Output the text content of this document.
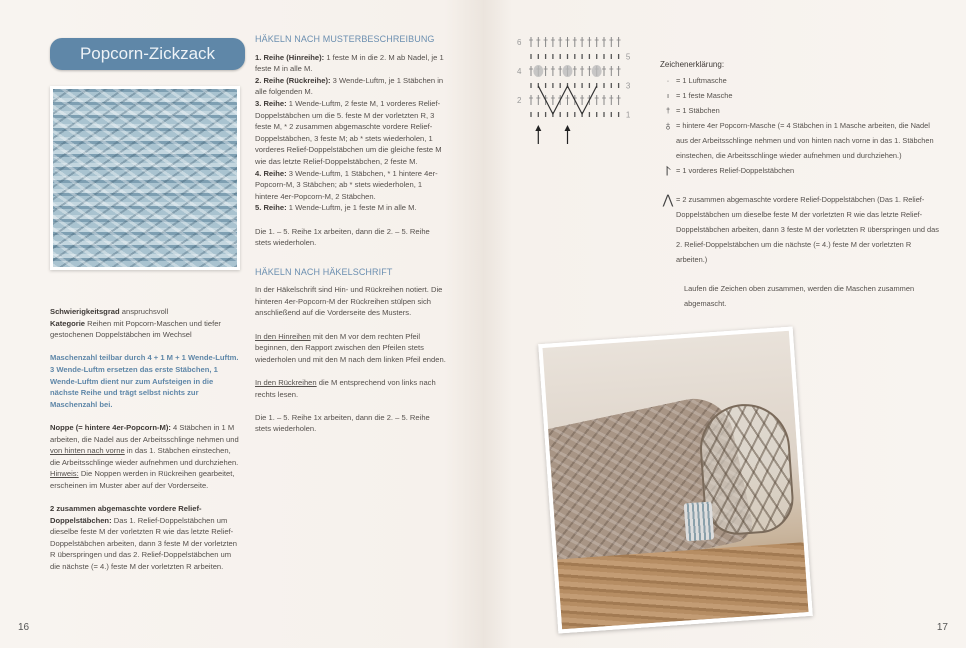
Popcorn-Zickzack
Schwierigkeitsgrad anspruchsvoll

Kategorie Reihen mit Popcorn-Maschen und tiefer gestochenen Doppelstäbchen im Wechsel

Maschenzahl teilbar durch 4 + 1 M + 1 Wende-Luftm. 3 Wende-Luftm ersetzen das erste Stäbchen, 1 Wende-Luftm dient nur zum Aufsteigen in die nächste Reihe und trägt selbst nichts zur Maschenzahl bei.

Noppe (= hintere 4er-Popcorn-M): 4 Stäbchen in 1 M arbeiten, die Nadel aus der Arbeitsschlinge nehmen und von hinten nach vorne in das 1. Stäbchen einstechen, die Arbeitsschlinge wieder aufnehmen und durchziehen.

Hinweis: Die Noppen werden in Rückreihen gearbeitet, erscheinen im Muster aber auf der Vorderseite.

2 zusammen abgemaschte vordere Relief-Doppelstäbchen: Das 1. Relief-Doppelstäbchen um dieselbe feste M der vorletzten R wie das letzte Relief-Doppelstäbchen arbeiten, dann 3 feste M der vorletzten R überspringen und das 2. Relief-Doppelstäbchen um die nächste (= 4.) feste M der vorletzten R arbeiten.

HÄKELN NACH MUSTERBESCHREIBUNG
1. Reihe (Hinreihe): 1 feste M in die 2. M ab Nadel, je 1 feste M in alle M.
2. Reihe (Rückreihe): 3 Wende-Luftm, je 1 Stäbchen in alle folgenden M.
3. Reihe: 1 Wende-Luftm, 2 feste M, 1 vorderes Relief-Doppelstäbchen um die 5. feste M der vorletzten R, 3 feste M, * 2 zusammen abgemaschte vordere Relief-Doppelstäbchen, 3 feste M; ab * stets wiederholen, 1 vorderes Relief-Doppelstäbchen um die gleiche feste M wie das letzte Relief-Doppelstäbchen, 2 feste M.
4. Reihe: 3 Wende-Luftm, 1 Stäbchen, * 1 hintere 4er-Popcorn-M, 3 Stäbchen; ab * stets wiederholen, 1 hintere 4er-Popcorn-M, 2 Stäbchen.
5. Reihe: 1 Wende-Luftm, je 1 feste M in alle M.

Die 1. – 5. Reihe 1x arbeiten, dann die 2. – 5. Reihe stets wiederholen.

HÄKELN NACH HÄKELSCHRIFT

In der Häkelschrift sind Hin- und Rückreihen notiert. Die hinteren 4er-Popcorn-M der Rückreihen stülpen sich anschließend auf die Vorderseite des Musters.

In den Hinreihen mit den M vor dem rechten Pfeil beginnen, den Rapport zwischen den Pfeilen stets wiederholen und mit den M nach dem linken Pfeil enden.

In den Rückreihen die M entsprechend von links nach rechts lesen.

Die 1. – 5. Reihe 1x arbeiten, dann die 2. – 5. Reihe stets wiederholen.

16
6
5
4
3
2
1
17
Zeichenerklärung:
· = 1 Luftmasche
ı = 1 feste Masche
† = 1 Stäbchen
♁ = hintere 4er Popcorn-Masche (= 4 Stäbchen in 1 Masche arbeiten, die Nadel aus der Arbeitsschlinge nehmen und von hinten nach vorne in das 1. Stäbchen einstechen, die Arbeitsschlinge wieder aufnehmen und durchziehen.)
⨡ = 1 vorderes Relief-Doppelstäbchen
⋀ = 2 zusammen abgemaschte vordere Relief-Doppelstäbchen (Das 1. Relief-Doppelstäbchen um dieselbe feste M der vorletzten R wie das letzte Relief-Doppelstäbchen arbeiten, dann 3 feste M der vorletzten R überspringen und das 2. Relief-Doppelstäbchen um die nächste (= 4.) feste M der vorletzten R arbeiten.)
Laufen die Zeichen oben zusammen, werden die Maschen zusammen abgemascht.
